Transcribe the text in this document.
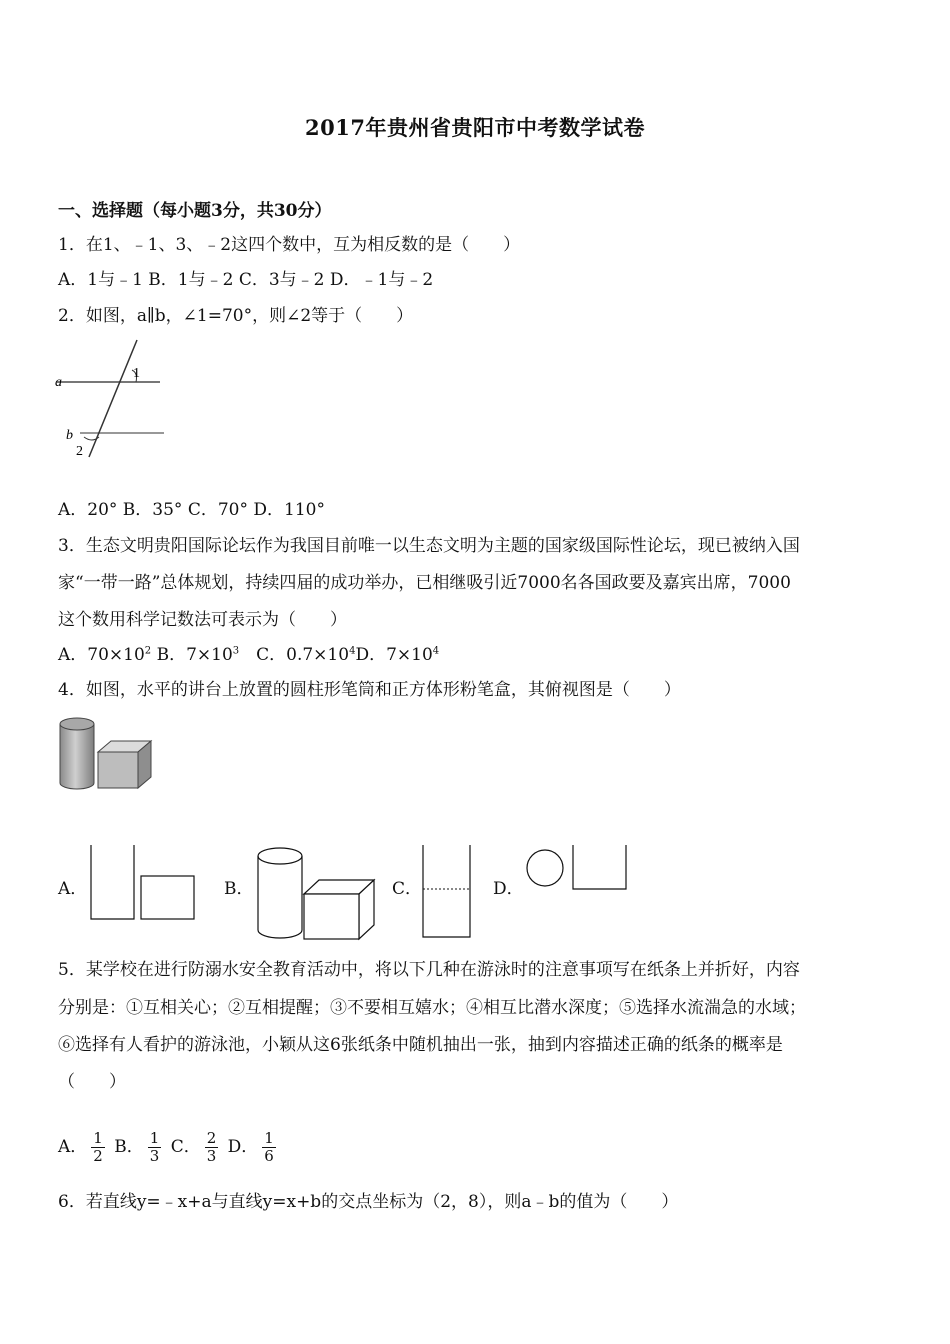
2017年贵州省贵阳市中考数学试卷
一、选择题（每小题3分，共30分）
1．在1、﹣1、3、﹣2这四个数中，互为相反数的是（　　）
A．1与﹣1 B．1与﹣2 C．3与﹣2 D．﹣1与﹣2
2．如图，a∥b，∠1=70°，则∠2等于（　　）
a
b
1
2
A．20° B．35° C．70° D．110°
3．生态文明贵阳国际论坛作为我国目前唯一以生态文明为主题的国家级国际性论坛，现已被纳入国
家“一带一路”总体规划，持续四届的成功举办，已相继吸引近7000名各国政要及嘉宾出席，7000
这个数用科学记数法可表示为（　　）
A．$70\times 10^2$ B．$7\times 10^3$　 C．$0.7\times 10^4D$．$7\times 10^4$
4．如图，水平的讲台上放置的圆柱形笔筒和正方体形粉笔盒，其俯视图是（　　）
A．	B．	C．	D．
5．某学校在进行防溺水安全教育活动中，将以下几种在游泳时的注意事项写在纸条上并折好，内容
分别是：①互相关心；②互相提醒；③不要相互嬉水；④相互比潜水深度；⑤选择水流湍急的水域；
⑥选择有人看护的游泳池，小颖从这6张纸条中随机抽出一张，抽到内容描述正确的纸条的概率是
（　　）
A． $\frac{1}{2}$ B． $\frac{1}{3}$ C． $\frac{2}{3}$ D． $\frac{1}{6}$
6．若直线y=﹣x+a与直线y=x+b的交点坐标为（2，8），则a﹣b的值为（　　）
